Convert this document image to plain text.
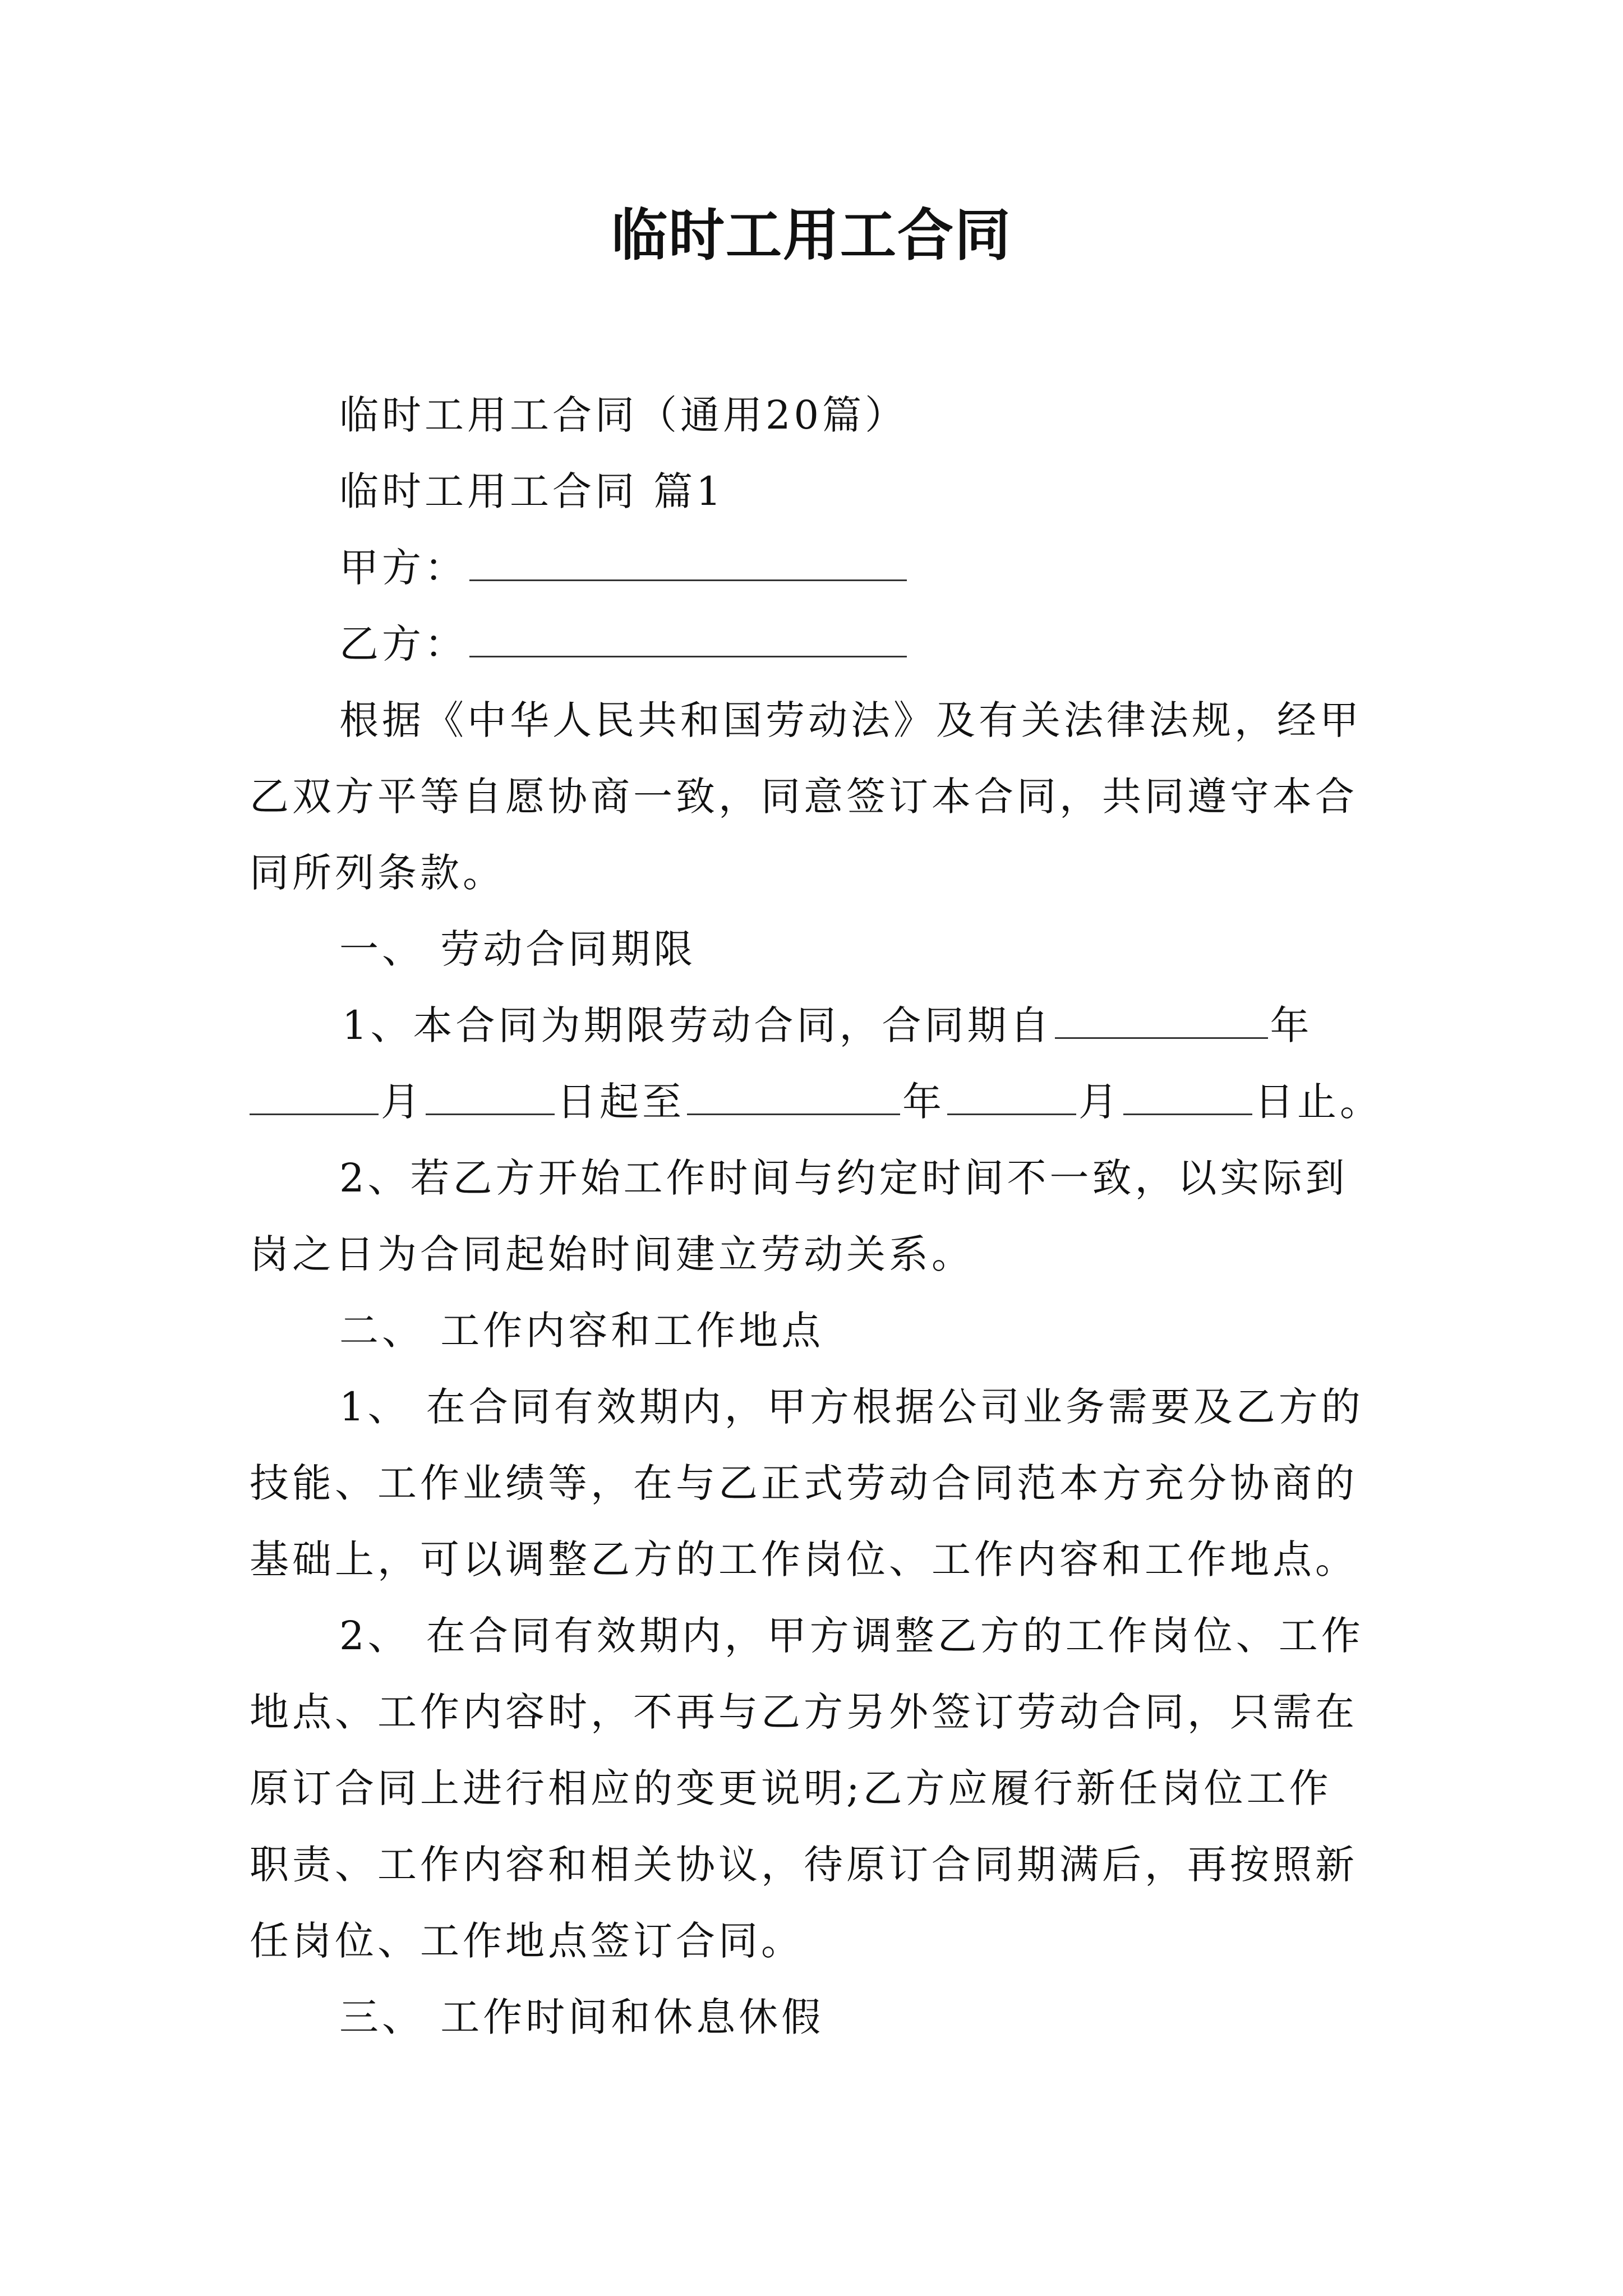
临时工用工合同
临时工用工合同（通用20篇）
临时工用工合同 篇1
甲方：
乙方：
根据《中华人民共和国劳动法》及有关法律法规，经甲
乙双方平等自愿协商一致，同意签订本合同，共同遵守本合
同所列条款。
一、 劳动合同期限
1、本合同为期限劳动合同，合同期自	年
月	日起至	年	月	日止。
2、若乙方开始工作时间与约定时间不一致，以实际到
岗之日为合同起始时间建立劳动关系。
二、 工作内容和工作地点
1、 在合同有效期内，甲方根据公司业务需要及乙方的
技能、工作业绩等，在与乙正式劳动合同范本方充分协商的
基础上，可以调整乙方的工作岗位、工作内容和工作地点。
2、 在合同有效期内，甲方调整乙方的工作岗位、工作
地点、工作内容时，不再与乙方另外签订劳动合同，只需在
原订合同上进行相应的变更说明;乙方应履行新任岗位工作
职责、工作内容和相关协议，待原订合同期满后，再按照新
任岗位、工作地点签订合同。
三、 工作时间和休息休假
